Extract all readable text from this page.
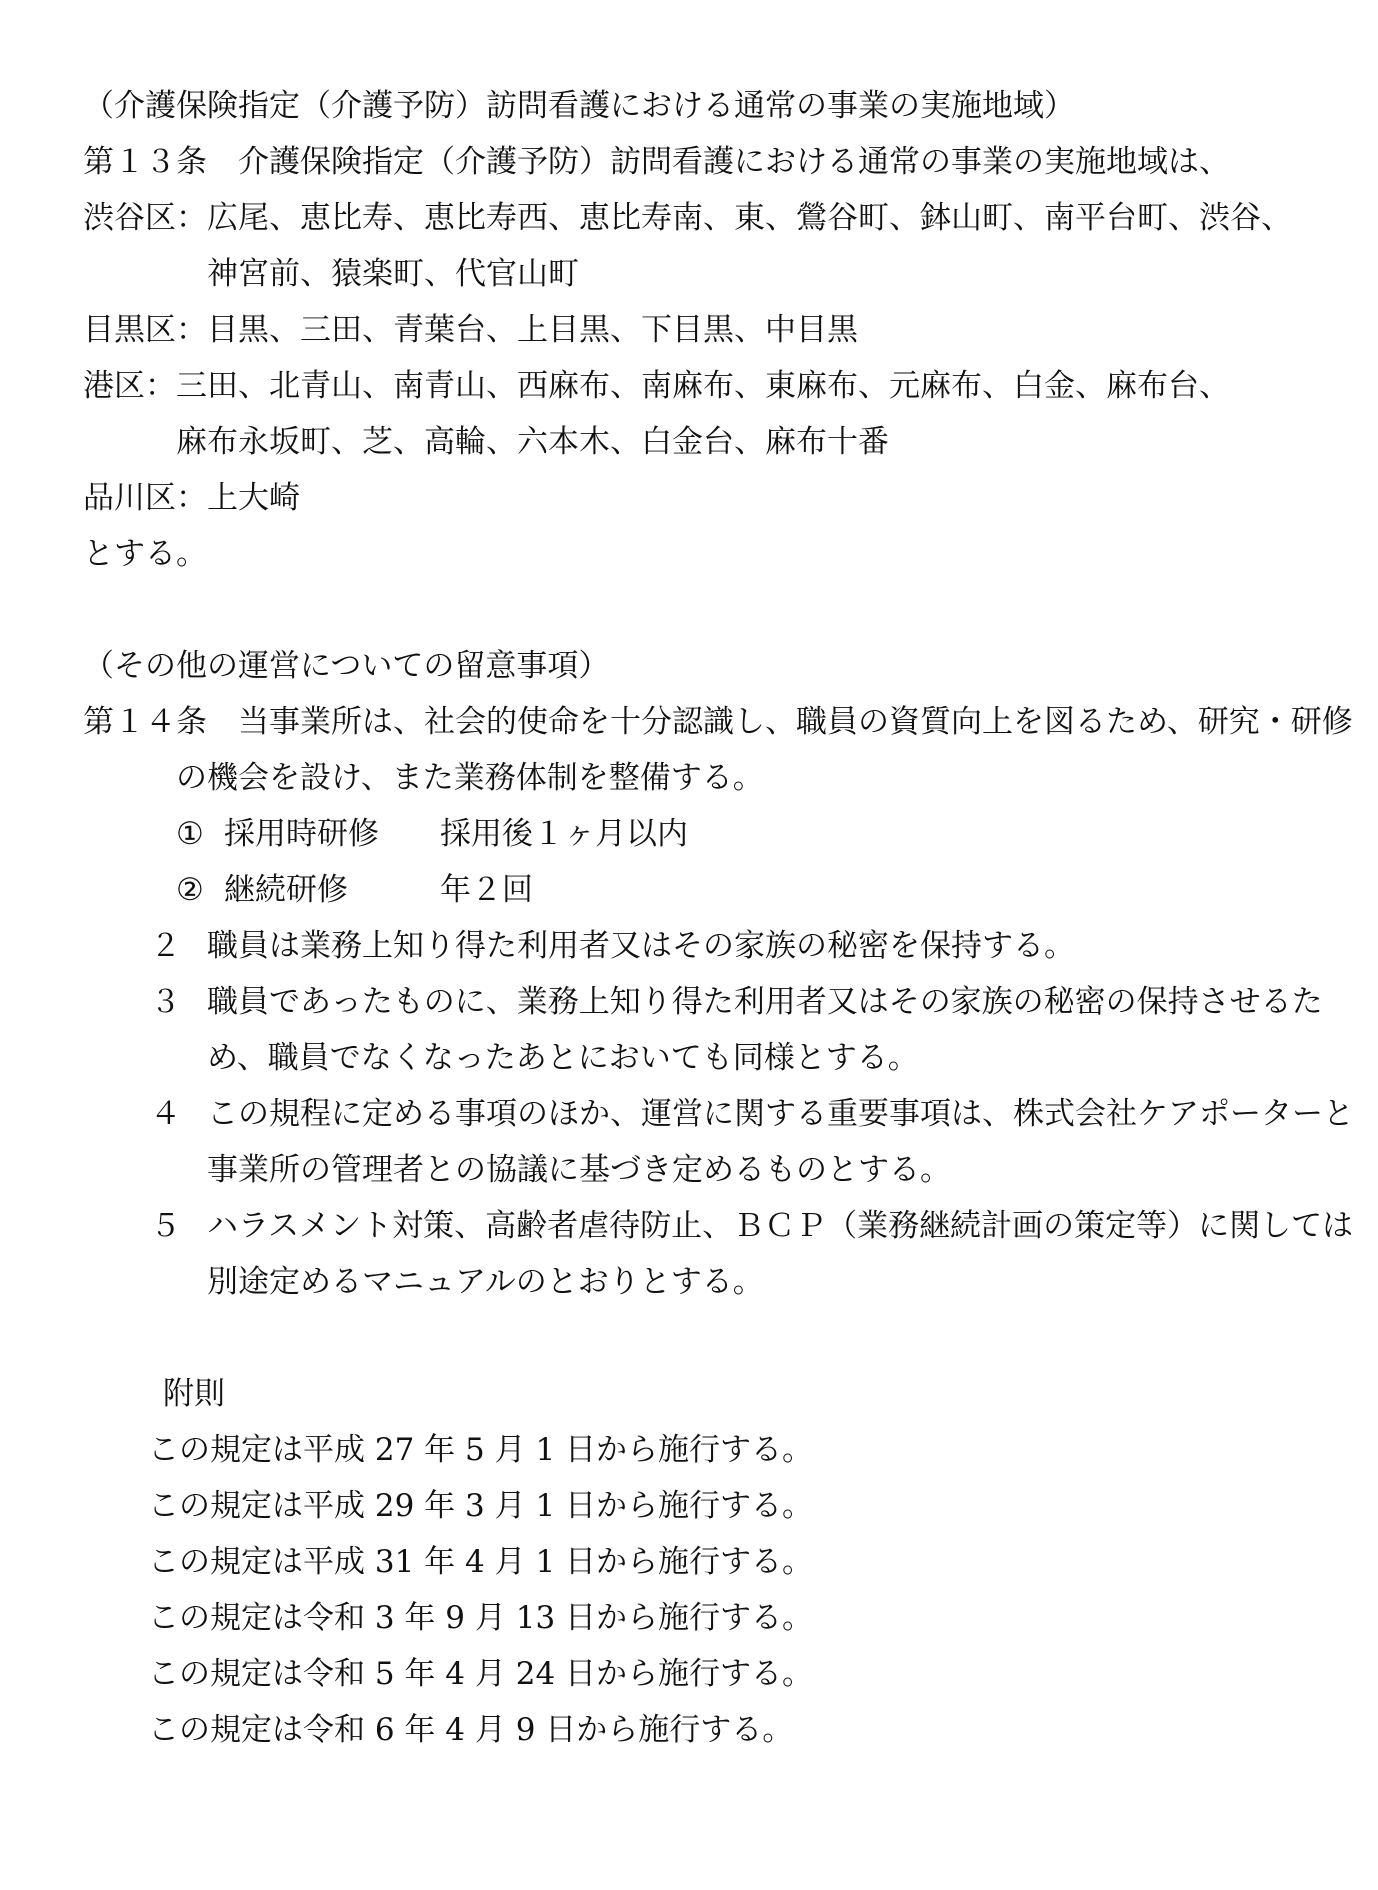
（介護保険指定（介護予防）訪問看護における通常の事業の実施地域）
第１３条　介護保険指定（介護予防）訪問看護における通常の事業の実施地域は、
渋谷区：広尾、恵比寿、恵比寿西、恵比寿南、東、鶯谷町、鉢山町、南平台町、渋谷、
神宮前、猿楽町、代官山町
目黒区：目黒、三田、青葉台、上目黒、下目黒、中目黒
港区：三田、北青山、南青山、西麻布、南麻布、東麻布、元麻布、白金、麻布台、
麻布永坂町、芝、高輪、六本木、白金台、麻布十番
品川区：上大崎
とする。
（その他の運営についての留意事項）
第１４条　当事業所は、社会的使命を十分認識し、職員の資質向上を図るため、研究・研修
の機会を設け、また業務体制を整備する。
① 採用時研修 採用後１ヶ月以内
② 継続研修	年２回
２ 職員は業務上知り得た利用者又はその家族の秘密を保持する。
３ 職員であったものに、業務上知り得た利用者又はその家族の秘密の保持させるた
め、職員でなくなったあとにおいても同様とする。
４ この規程に定める事項のほか、運営に関する重要事項は、株式会社ケアポーターと
事業所の管理者との協議に基づき定めるものとする。
５ ハラスメント対策、高齢者虐待防止、ＢＣＰ（業務継続計画の策定等）に関しては
別途定めるマニュアルのとおりとする。
附則
この規定は平成 27 年 5 月 1 日から施行する。
この規定は平成 29 年 3 月 1 日から施行する。
この規定は平成 31 年 4 月 1 日から施行する。
この規定は令和 3 年 9 月 13 日から施行する。
この規定は令和 5 年 4 月 24 日から施行する。
この規定は令和 6 年 4 月 9 日から施行する。
